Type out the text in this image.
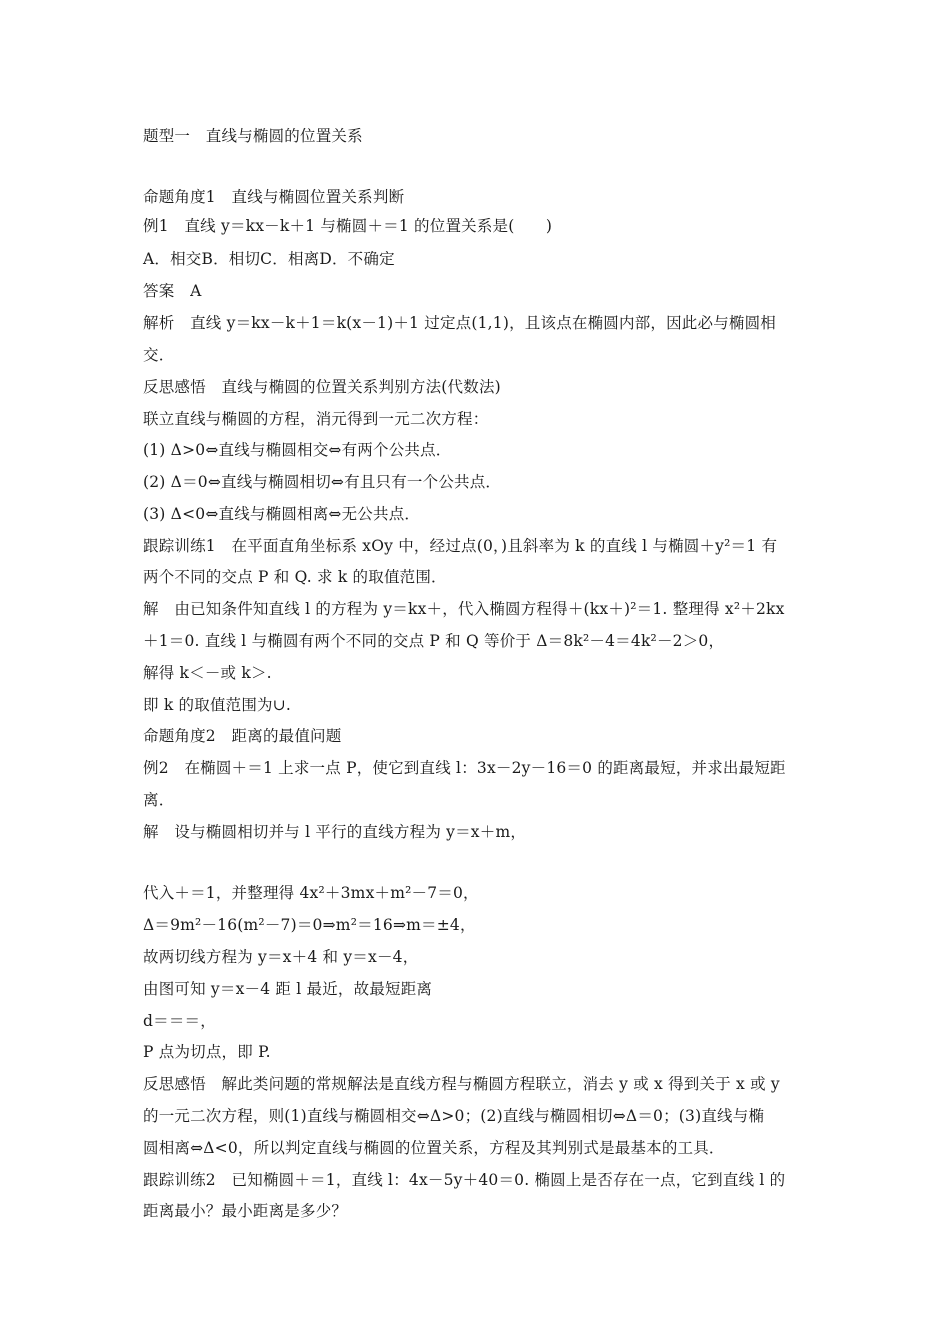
题型一　直线与椭圆的位置关系
命题角度1　直线与椭圆位置关系判断
例1　直线 y＝kx－k＋1 与椭圆＋＝1 的位置关系是(　　)
A．相交B．相切C．相离D．不确定
答案　A
解析　直线 y＝kx－k＋1＝k(x－1)＋1 过定点(1,1)，且该点在椭圆内部，因此必与椭圆相
交．
反思感悟　直线与椭圆的位置关系判别方法(代数法)
联立直线与椭圆的方程，消元得到一元二次方程：
(1) Δ>0⇔直线与椭圆相交⇔有两个公共点．
(2) Δ＝0⇔直线与椭圆相切⇔有且只有一个公共点．
(3) Δ<0⇔直线与椭圆相离⇔无公共点．
跟踪训练1　在平面直角坐标系 xOy 中，经过点(0，)且斜率为 k 的直线 l 与椭圆＋y²＝1 有
两个不同的交点 P 和 Q. 求 k 的取值范围．
解　由已知条件知直线 l 的方程为 y＝kx＋，代入椭圆方程得＋(kx＋)²＝1. 整理得 x²＋2kx
＋1＝0. 直线 l 与椭圆有两个不同的交点 P 和 Q 等价于 Δ＝8k²－4＝4k²－2＞0，
解得 k＜－或 k＞.
即 k 的取值范围为∪.
命题角度2　距离的最值问题
例2　在椭圆＋＝1 上求一点 P，使它到直线 l：3x－2y－16＝0 的距离最短，并求出最短距
离．
解　设与椭圆相切并与 l 平行的直线方程为 y＝x＋m，
代入＋＝1，并整理得 4x²＋3mx＋m²－7＝0，
Δ＝9m²－16(m²－7)＝0⇒m²＝16⇒m＝±4，
故两切线方程为 y＝x＋4 和 y＝x－4，
由图可知 y＝x－4 距 l 最近，故最短距离
d＝＝＝，
P 点为切点，即 P.
反思感悟　解此类问题的常规解法是直线方程与椭圆方程联立，消去 y 或 x 得到关于 x 或 y
的一元二次方程，则(1)直线与椭圆相交⇔Δ>0；(2)直线与椭圆相切⇔Δ＝0；(3)直线与椭
圆相离⇔Δ<0，所以判定直线与椭圆的位置关系，方程及其判别式是最基本的工具．
跟踪训练2　已知椭圆＋＝1，直线 l：4x－5y＋40＝0. 椭圆上是否存在一点，它到直线 l 的
距离最小？最小距离是多少？
